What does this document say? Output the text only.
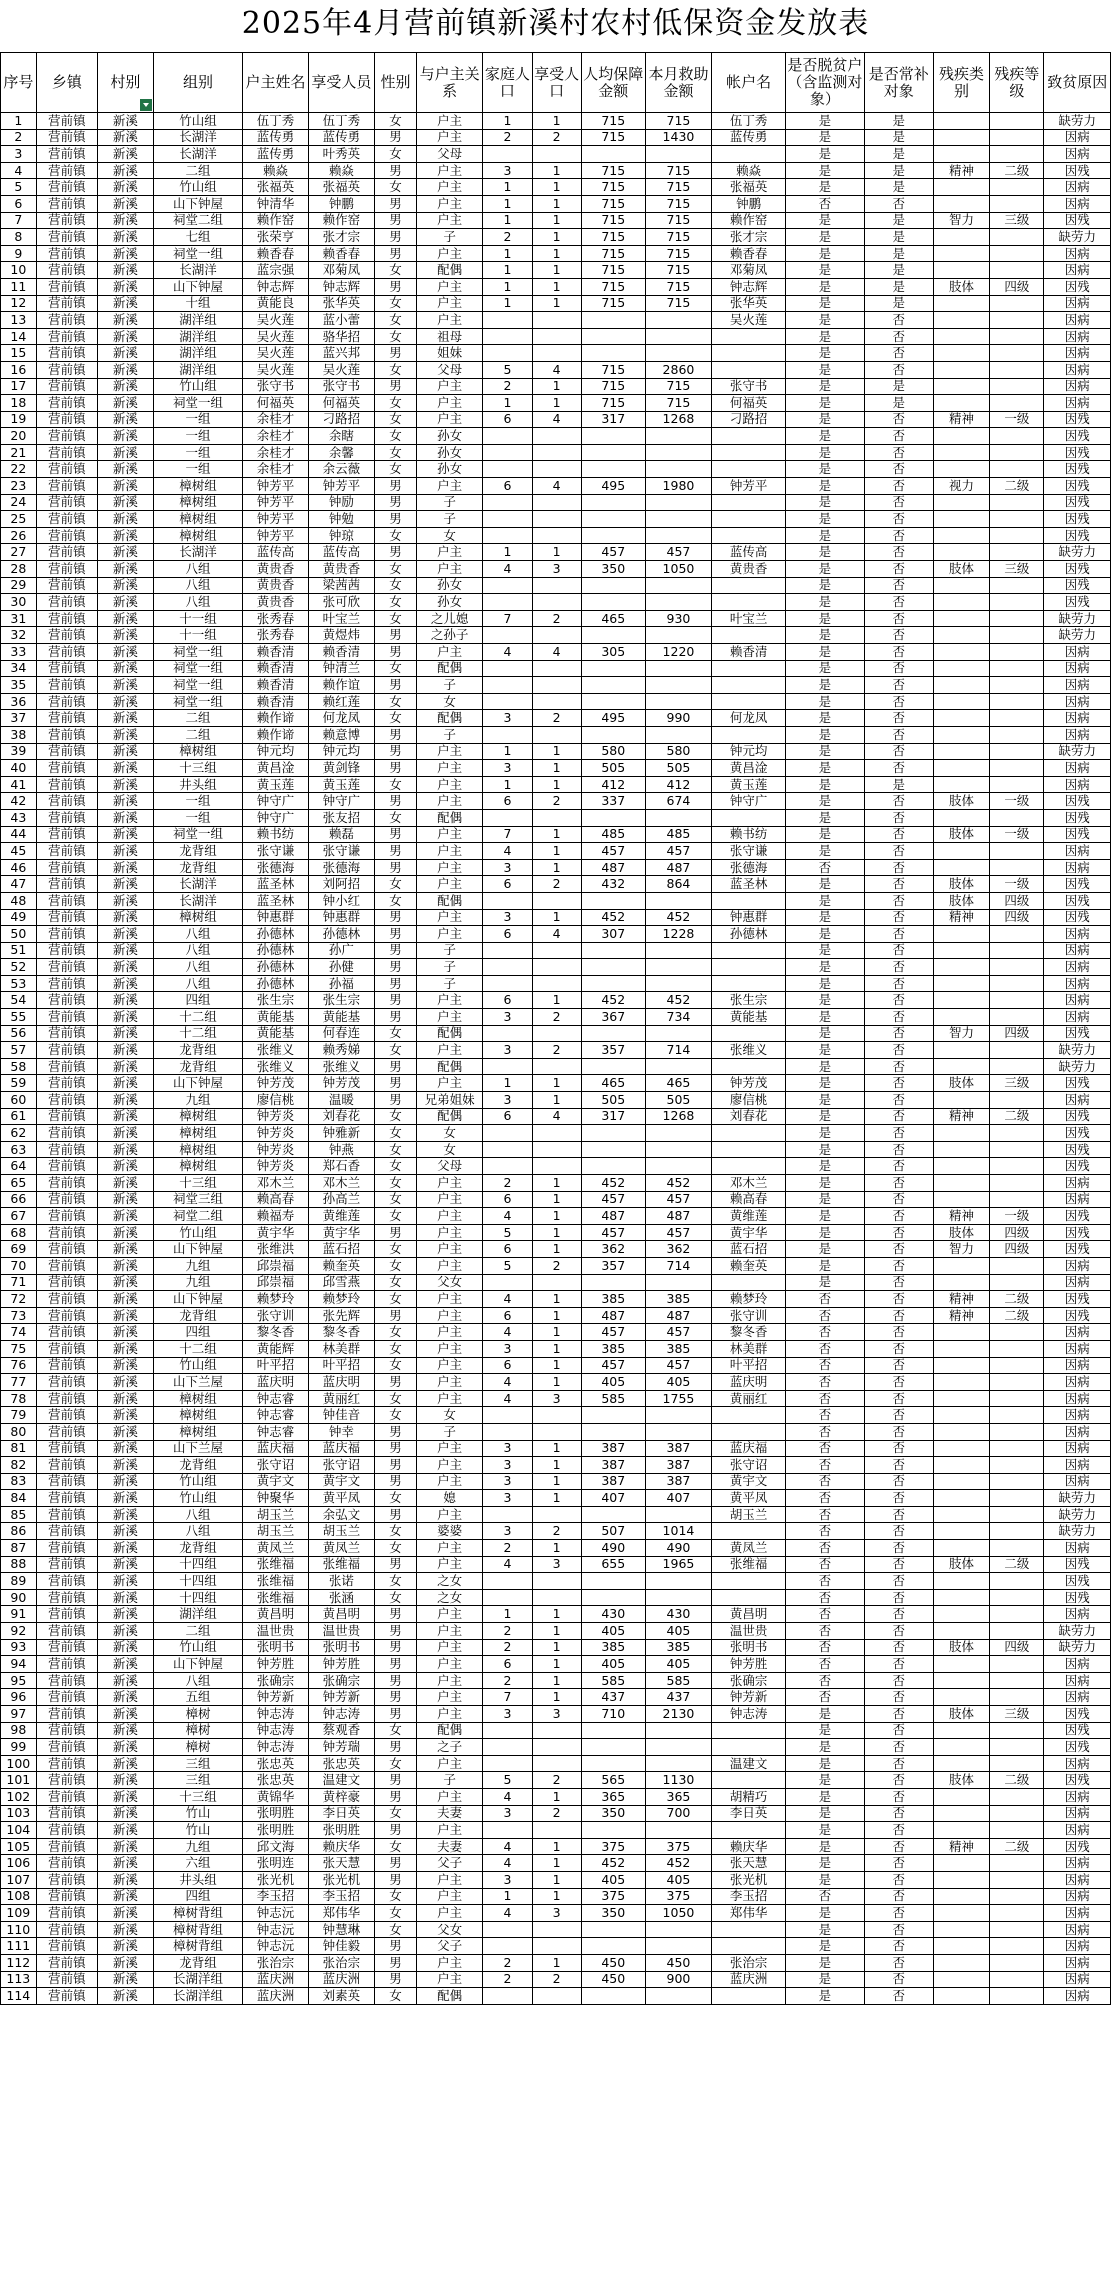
2025年4月营前镇新溪村农村低保资金发放表
序号	乡镇	村别	组别	户主姓名	享受人员	性别	与户主关系	家庭人口	享受人口	人均保障金额	本月救助金额	帐户名	是否脱贫户（含监测对象）	是否常补对象	残疾类别	残疾等级	致贫原因
1	营前镇	新溪	竹山组	伍丁秀	伍丁秀	女	户主	1	1	715	715	伍丁秀	是	是			缺劳力
2	营前镇	新溪	长湖洋	蓝传勇	蓝传勇	男	户主	2	2	715	1430	蓝传勇	是	是			因病
3	营前镇	新溪	长湖洋	蓝传勇	叶秀英	女	父母						是	是			因病
4	营前镇	新溪	二组	赖焱	赖焱	男	户主	3	1	715	715	赖焱	是	是	精神	二级	因残
5	营前镇	新溪	竹山组	张福英	张福英	女	户主	1	1	715	715	张福英	是	是			因病
6	营前镇	新溪	山下钟屋	钟清华	钟鹏	男	户主	1	1	715	715	钟鹏	否	否			因病
7	营前镇	新溪	祠堂二组	赖作窑	赖作窑	男	户主	1	1	715	715	赖作窑	是	是	智力	三级	因残
8	营前镇	新溪	七组	张荣亨	张才宗	男	子	2	1	715	715	张才宗	是	是			缺劳力
9	营前镇	新溪	祠堂一组	赖香春	赖香春	男	户主	1	1	715	715	赖香春	是	是			因病
10	营前镇	新溪	长湖洋	蓝宗强	邓菊凤	女	配偶	1	1	715	715	邓菊凤	是	是			因病
11	营前镇	新溪	山下钟屋	钟志辉	钟志辉	男	户主	1	1	715	715	钟志辉	是	是	肢体	四级	因残
12	营前镇	新溪	十组	黄能良	张华英	女	户主	1	1	715	715	张华英	是	是			因病
13	营前镇	新溪	湖洋组	吴火莲	蓝小蕾	女	户主					吴火莲	是	否			因病
14	营前镇	新溪	湖洋组	吴火莲	骆华招	女	祖母						是	否			因病
15	营前镇	新溪	湖洋组	吴火莲	蓝兴邦	男	姐妹						是	否			因病
16	营前镇	新溪	湖洋组	吴火莲	吴火莲	女	父母	5	4	715	2860		是	否			因病
17	营前镇	新溪	竹山组	张守书	张守书	男	户主	2	1	715	715	张守书	是	是			因病
18	营前镇	新溪	祠堂一组	何福英	何福英	女	户主	1	1	715	715	何福英	是	是			因病
19	营前镇	新溪	一组	余桂才	刁路招	女	户主	6	4	317	1268	刁路招	是	否	精神	一级	因残
20	营前镇	新溪	一组	余桂才	余瞎	女	孙女						是	否			因残
21	营前镇	新溪	一组	余桂才	余馨	女	孙女						是	否			因残
22	营前镇	新溪	一组	余桂才	余云薇	女	孙女						是	否			因残
23	营前镇	新溪	樟树组	钟芳平	钟芳平	男	户主	6	4	495	1980	钟芳平	是	否	视力	二级	因残
24	营前镇	新溪	樟树组	钟芳平	钟励	男	子						是	否			因残
25	营前镇	新溪	樟树组	钟芳平	钟勉	男	子						是	否			因残
26	营前镇	新溪	樟树组	钟芳平	钟琼	女	女						是	否			因残
27	营前镇	新溪	长湖洋	蓝传高	蓝传高	男	户主	1	1	457	457	蓝传高	是	否			缺劳力
28	营前镇	新溪	八组	黄贵香	黄贵香	女	户主	4	3	350	1050	黄贵香	是	否	肢体	三级	因残
29	营前镇	新溪	八组	黄贵香	梁茜茜	女	孙女						是	否			因残
30	营前镇	新溪	八组	黄贵香	张可欣	女	孙女						是	否			因残
31	营前镇	新溪	十一组	张秀春	叶宝兰	女	之儿媳	7	2	465	930	叶宝兰	是	否			缺劳力
32	营前镇	新溪	十一组	张秀春	黄煜炜	男	之孙子						是	否			缺劳力
33	营前镇	新溪	祠堂一组	赖香清	赖香清	男	户主	4	4	305	1220	赖香清	是	否			因病
34	营前镇	新溪	祠堂一组	赖香清	钟清兰	女	配偶						是	否			因病
35	营前镇	新溪	祠堂一组	赖香清	赖作谊	男	子						是	否			因病
36	营前镇	新溪	祠堂一组	赖香清	赖红莲	女	女						是	否			因病
37	营前镇	新溪	二组	赖作谛	何龙凤	女	配偶	3	2	495	990	何龙凤	是	否			因病
38	营前镇	新溪	二组	赖作谛	赖意博	男	子						是	否			因病
39	营前镇	新溪	樟树组	钟元均	钟元均	男	户主	1	1	580	580	钟元均	是	否			缺劳力
40	营前镇	新溪	十三组	黄昌淦	黄剑锋	男	户主	3	1	505	505	黄昌淦	是	否			因病
41	营前镇	新溪	井头组	黄玉莲	黄玉莲	女	户主	1	1	412	412	黄玉莲	是	是			因病
42	营前镇	新溪	一组	钟守广	钟守广	男	户主	6	2	337	674	钟守广	是	否	肢体	一级	因残
43	营前镇	新溪	一组	钟守广	张友招	女	配偶						是	否			因残
44	营前镇	新溪	祠堂一组	赖书纺	赖磊	男	户主	7	1	485	485	赖书纺	是	否	肢体	一级	因残
45	营前镇	新溪	龙背组	张守谦	张守谦	男	户主	4	1	457	457	张守谦	是	否			因病
46	营前镇	新溪	龙背组	张德海	张德海	男	户主	3	1	487	487	张德海	否	否			因病
47	营前镇	新溪	长湖洋	蓝圣林	刘阿招	女	户主	6	2	432	864	蓝圣林	是	否	肢体	一级	因残
48	营前镇	新溪	长湖洋	蓝圣林	钟小红	女	配偶						是	否	肢体	四级	因残
49	营前镇	新溪	樟树组	钟惠群	钟惠群	男	户主	3	1	452	452	钟惠群	是	否	精神	四级	因残
50	营前镇	新溪	八组	孙德林	孙德林	男	户主	6	4	307	1228	孙德林	是	否			因病
51	营前镇	新溪	八组	孙德林	孙广	男	子						是	否			因病
52	营前镇	新溪	八组	孙德林	孙健	男	子						是	否			因病
53	营前镇	新溪	八组	孙德林	孙福	男	子						是	否			因病
54	营前镇	新溪	四组	张生宗	张生宗	男	户主	6	1	452	452	张生宗	是	否			因病
55	营前镇	新溪	十二组	黄能基	黄能基	男	户主	3	2	367	734	黄能基	是	否			因病
56	营前镇	新溪	十二组	黄能基	何春连	女	配偶						是	否	智力	四级	因残
57	营前镇	新溪	龙背组	张维义	赖秀娣	女	户主	3	2	357	714	张维义	是	否			缺劳力
58	营前镇	新溪	龙背组	张维义	张维义	男	配偶						是	否			缺劳力
59	营前镇	新溪	山下钟屋	钟芳茂	钟芳茂	男	户主	1	1	465	465	钟芳茂	是	否	肢体	三级	因残
60	营前镇	新溪	九组	廖信桃	温暖	男	兄弟姐妹	3	1	505	505	廖信桃	是	否			因病
61	营前镇	新溪	樟树组	钟芳炎	刘春花	女	配偶	6	4	317	1268	刘春花	是	否	精神	二级	因残
62	营前镇	新溪	樟树组	钟芳炎	钟雅新	女	女						是	否			因残
63	营前镇	新溪	樟树组	钟芳炎	钟燕	女	女						是	否			因残
64	营前镇	新溪	樟树组	钟芳炎	郑石香	女	父母						是	否			因残
65	营前镇	新溪	十三组	邓木兰	邓木兰	女	户主	2	1	452	452	邓木兰	是	否			因病
66	营前镇	新溪	祠堂三组	赖高春	孙高兰	女	户主	6	1	457	457	赖高春	是	否			因病
67	营前镇	新溪	祠堂二组	赖福寿	黄维莲	女	户主	4	1	487	487	黄维莲	是	否	精神	一级	因残
68	营前镇	新溪	竹山组	黄宇华	黄宇华	男	户主	5	1	457	457	黄宇华	是	否	肢体	四级	因残
69	营前镇	新溪	山下钟屋	张维洪	蓝石招	女	户主	6	1	362	362	蓝石招	是	否	智力	四级	因残
70	营前镇	新溪	九组	邱崇福	赖奎英	女	户主	5	2	357	714	赖奎英	是	否			因病
71	营前镇	新溪	九组	邱崇福	邱雪燕	女	父女						是	否			因病
72	营前镇	新溪	山下钟屋	赖梦玲	赖梦玲	女	户主	4	1	385	385	赖梦玲	否	否	精神	二级	因残
73	营前镇	新溪	龙背组	张守训	张先辉	男	户主	6	1	487	487	张守训	否	否	精神	二级	因残
74	营前镇	新溪	四组	黎冬香	黎冬香	女	户主	4	1	457	457	黎冬香	否	否			因病
75	营前镇	新溪	十二组	黄能辉	林美群	女	户主	3	1	385	385	林美群	否	否			因病
76	营前镇	新溪	竹山组	叶平招	叶平招	女	户主	6	1	457	457	叶平招	否	否			因病
77	营前镇	新溪	山下兰屋	蓝庆明	蓝庆明	男	户主	4	1	405	405	蓝庆明	否	否			因病
78	营前镇	新溪	樟树组	钟志睿	黄丽红	女	户主	4	3	585	1755	黄丽红	否	否			因病
79	营前镇	新溪	樟树组	钟志睿	钟佳音	女	女						否	否			因病
80	营前镇	新溪	樟树组	钟志睿	钟幸	男	子						否	否			因病
81	营前镇	新溪	山下兰屋	蓝庆福	蓝庆福	男	户主	3	1	387	387	蓝庆福	否	否			因病
82	营前镇	新溪	龙背组	张守诏	张守诏	男	户主	3	1	387	387	张守诏	否	否			因病
83	营前镇	新溪	竹山组	黄宇文	黄宇文	男	户主	3	1	387	387	黄宇文	否	否			因病
84	营前镇	新溪	竹山组	钟聚华	黄平凤	女	媳	3	1	407	407	黄平凤	否	否			缺劳力
85	营前镇	新溪	八组	胡玉兰	余弘文	男	户主					胡玉兰	否	否			缺劳力
86	营前镇	新溪	八组	胡玉兰	胡玉兰	女	婆婆	3	2	507	1014		否	否			缺劳力
87	营前镇	新溪	龙背组	黄凤兰	黄凤兰	女	户主	2	1	490	490	黄凤兰	否	否			因病
88	营前镇	新溪	十四组	张维福	张维福	男	户主	4	3	655	1965	张维福	否	否	肢体	二级	因残
89	营前镇	新溪	十四组	张维福	张诺	女	之女						否	否			因残
90	营前镇	新溪	十四组	张维福	张涵	女	之女						否	否			因残
91	营前镇	新溪	湖洋组	黄昌明	黄昌明	男	户主	1	1	430	430	黄昌明	否	否			因病
92	营前镇	新溪	二组	温世贵	温世贵	男	户主	2	1	405	405	温世贵	否	否			缺劳力
93	营前镇	新溪	竹山组	张明书	张明书	男	户主	2	1	385	385	张明书	否	否	肢体	四级	缺劳力
94	营前镇	新溪	山下钟屋	钟芳胜	钟芳胜	男	户主	6	1	405	405	钟芳胜	否	否			因病
95	营前镇	新溪	八组	张确宗	张确宗	男	户主	2	1	585	585	张确宗	否	否			因病
96	营前镇	新溪	五组	钟芳新	钟芳新	男	户主	7	1	437	437	钟芳新	否	否			因病
97	营前镇	新溪	樟树	钟志涛	钟志涛	男	户主	3	3	710	2130	钟志涛	是	否	肢体	三级	因残
98	营前镇	新溪	樟树	钟志涛	蔡观香	女	配偶						是	否			因残
99	营前镇	新溪	樟树	钟志涛	钟芳瑞	男	之子						是	否			因残
100	营前镇	新溪	三组	张忠英	张忠英	女	户主					温建文	是	否			因病
101	营前镇	新溪	三组	张忠英	温建文	男	子	5	2	565	1130		是	否	肢体	二级	因残
102	营前镇	新溪	十三组	黄锦华	黄梓豪	男	户主	4	1	365	365	胡精巧	是	否			因病
103	营前镇	新溪	竹山	张明胜	李日英	女	夫妻	3	2	350	700	李日英	是	否			因病
104	营前镇	新溪	竹山	张明胜	张明胜	男	户主						是	否			因病
105	营前镇	新溪	九组	邱文海	赖庆华	女	夫妻	4	1	375	375	赖庆华	是	否	精神	二级	因残
106	营前镇	新溪	六组	张明连	张天慧	男	父子	4	1	452	452	张天慧	是	否			因病
107	营前镇	新溪	井头组	张光机	张光机	男	户主	3	1	405	405	张光机	是	否			因病
108	营前镇	新溪	四组	李玉招	李玉招	女	户主	1	1	375	375	李玉招	否	否			因病
109	营前镇	新溪	樟树背组	钟志沅	郑伟华	女	户主	4	3	350	1050	郑伟华	是	否			因病
110	营前镇	新溪	樟树背组	钟志沅	钟慧琳	女	父女						是	否			因病
111	营前镇	新溪	樟树背组	钟志沅	钟佳毅	男	父子						是	否			因病
112	营前镇	新溪	龙背组	张治宗	张治宗	男	户主	2	1	450	450	张治宗	是	否			因病
113	营前镇	新溪	长湖洋组	蓝庆洲	蓝庆洲	男	户主	2	2	450	900	蓝庆洲	是	否			因病
114	营前镇	新溪	长湖洋组	蓝庆洲	刘素英	女	配偶						是	否			因病
